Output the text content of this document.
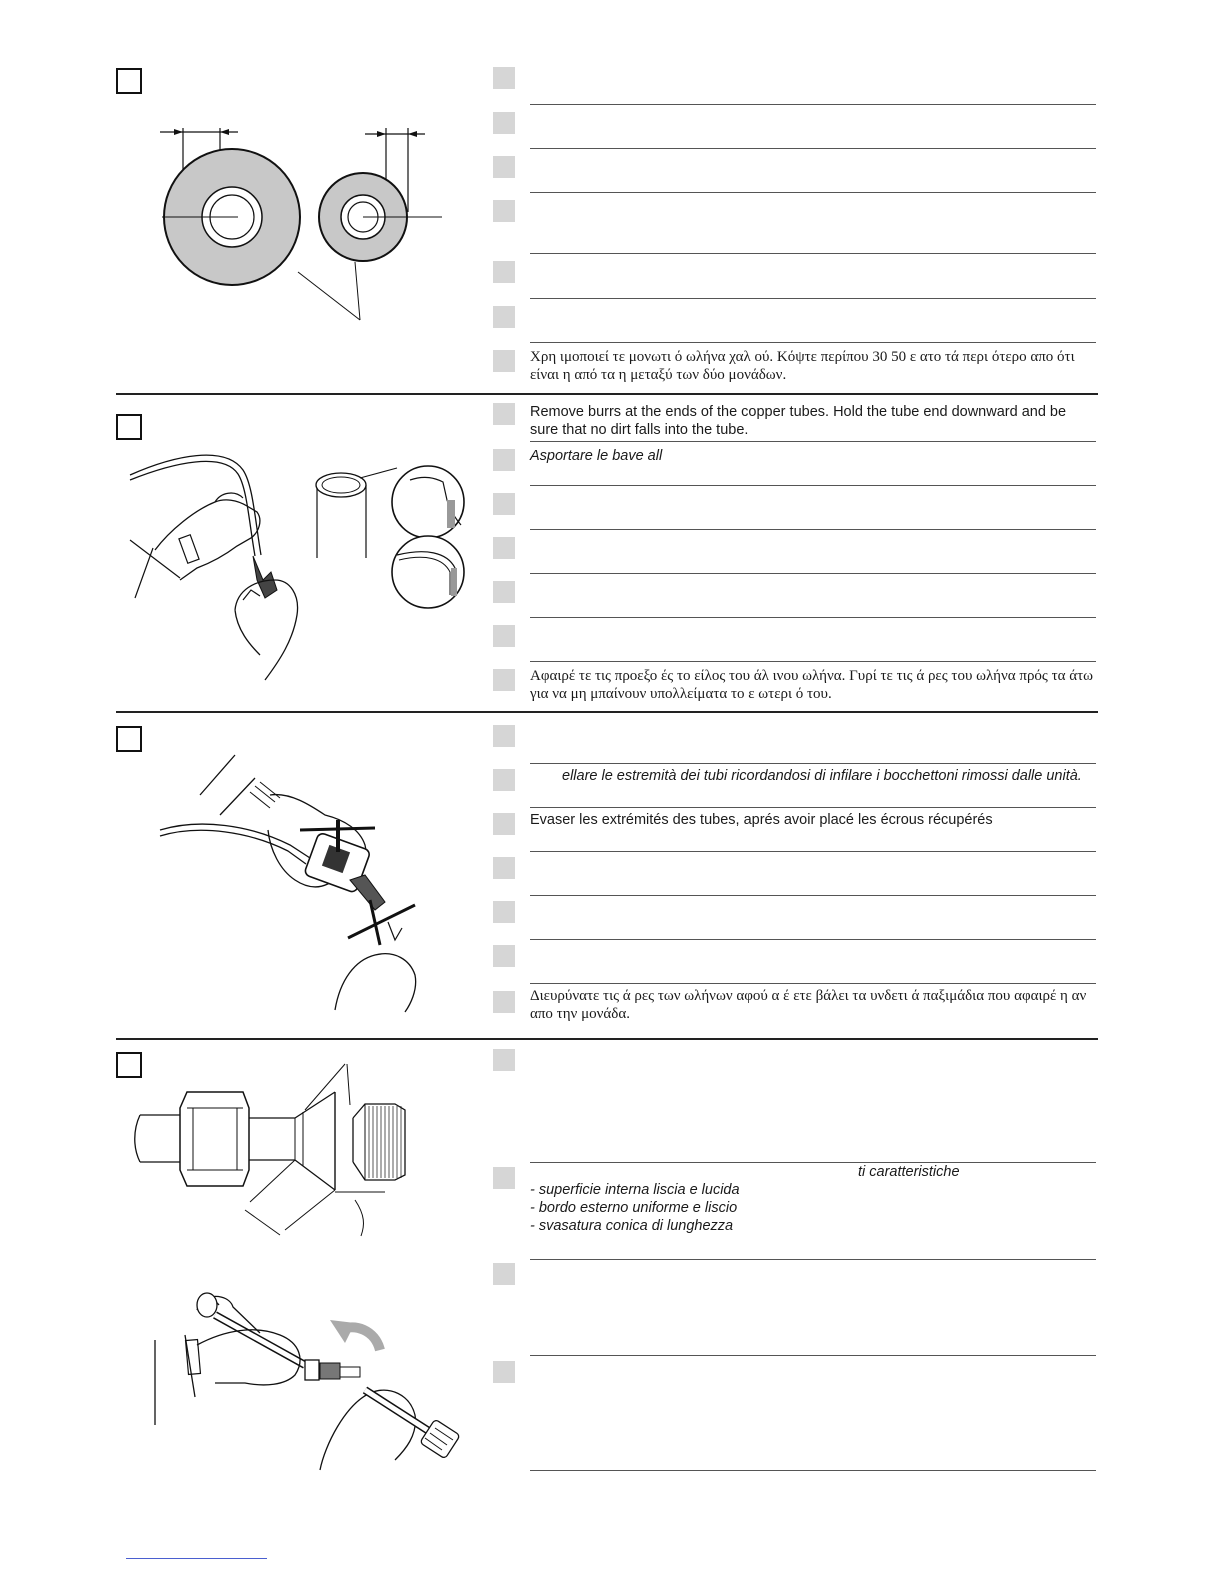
Χρη ιμοποιεί τε μονωτι ό ωλήνα χαλ ού. Κόψτε περίπου 30 50 ε ατο τά περι ότερο απο ότι είναι η από τα η μεταξύ των δύο μονάδων.
Remove burrs at the ends of the copper tubes. Hold the tube end downward and be sure that no dirt falls into the tube.
Asportare le bave all
Αφαιρέ τε τις προεξο ές το είλος του άλ ινου ωλήνα. Γυρί τε τις ά ρες του ωλήνα πρός τα άτω για να μη μπαίνουν υπολλείματα το ε ωτερι ό του.
ellare le estremità dei tubi ricordandosi di infilare i bocchettoni rimossi dalle unità.
Evaser les extrémités des tubes, aprés avoir placé les écrous récupérés
Διευρύνατε τις ά ρες των ωλήνων αφού α έ ετε βάλει τα υνδετι ά παξιμάδια που αφαιρέ η αν απο την μονάδα.
ti caratteristiche
- superficie interna liscia e lucida
- bordo esterno uniforme e liscio
- svasatura conica di lunghezza
